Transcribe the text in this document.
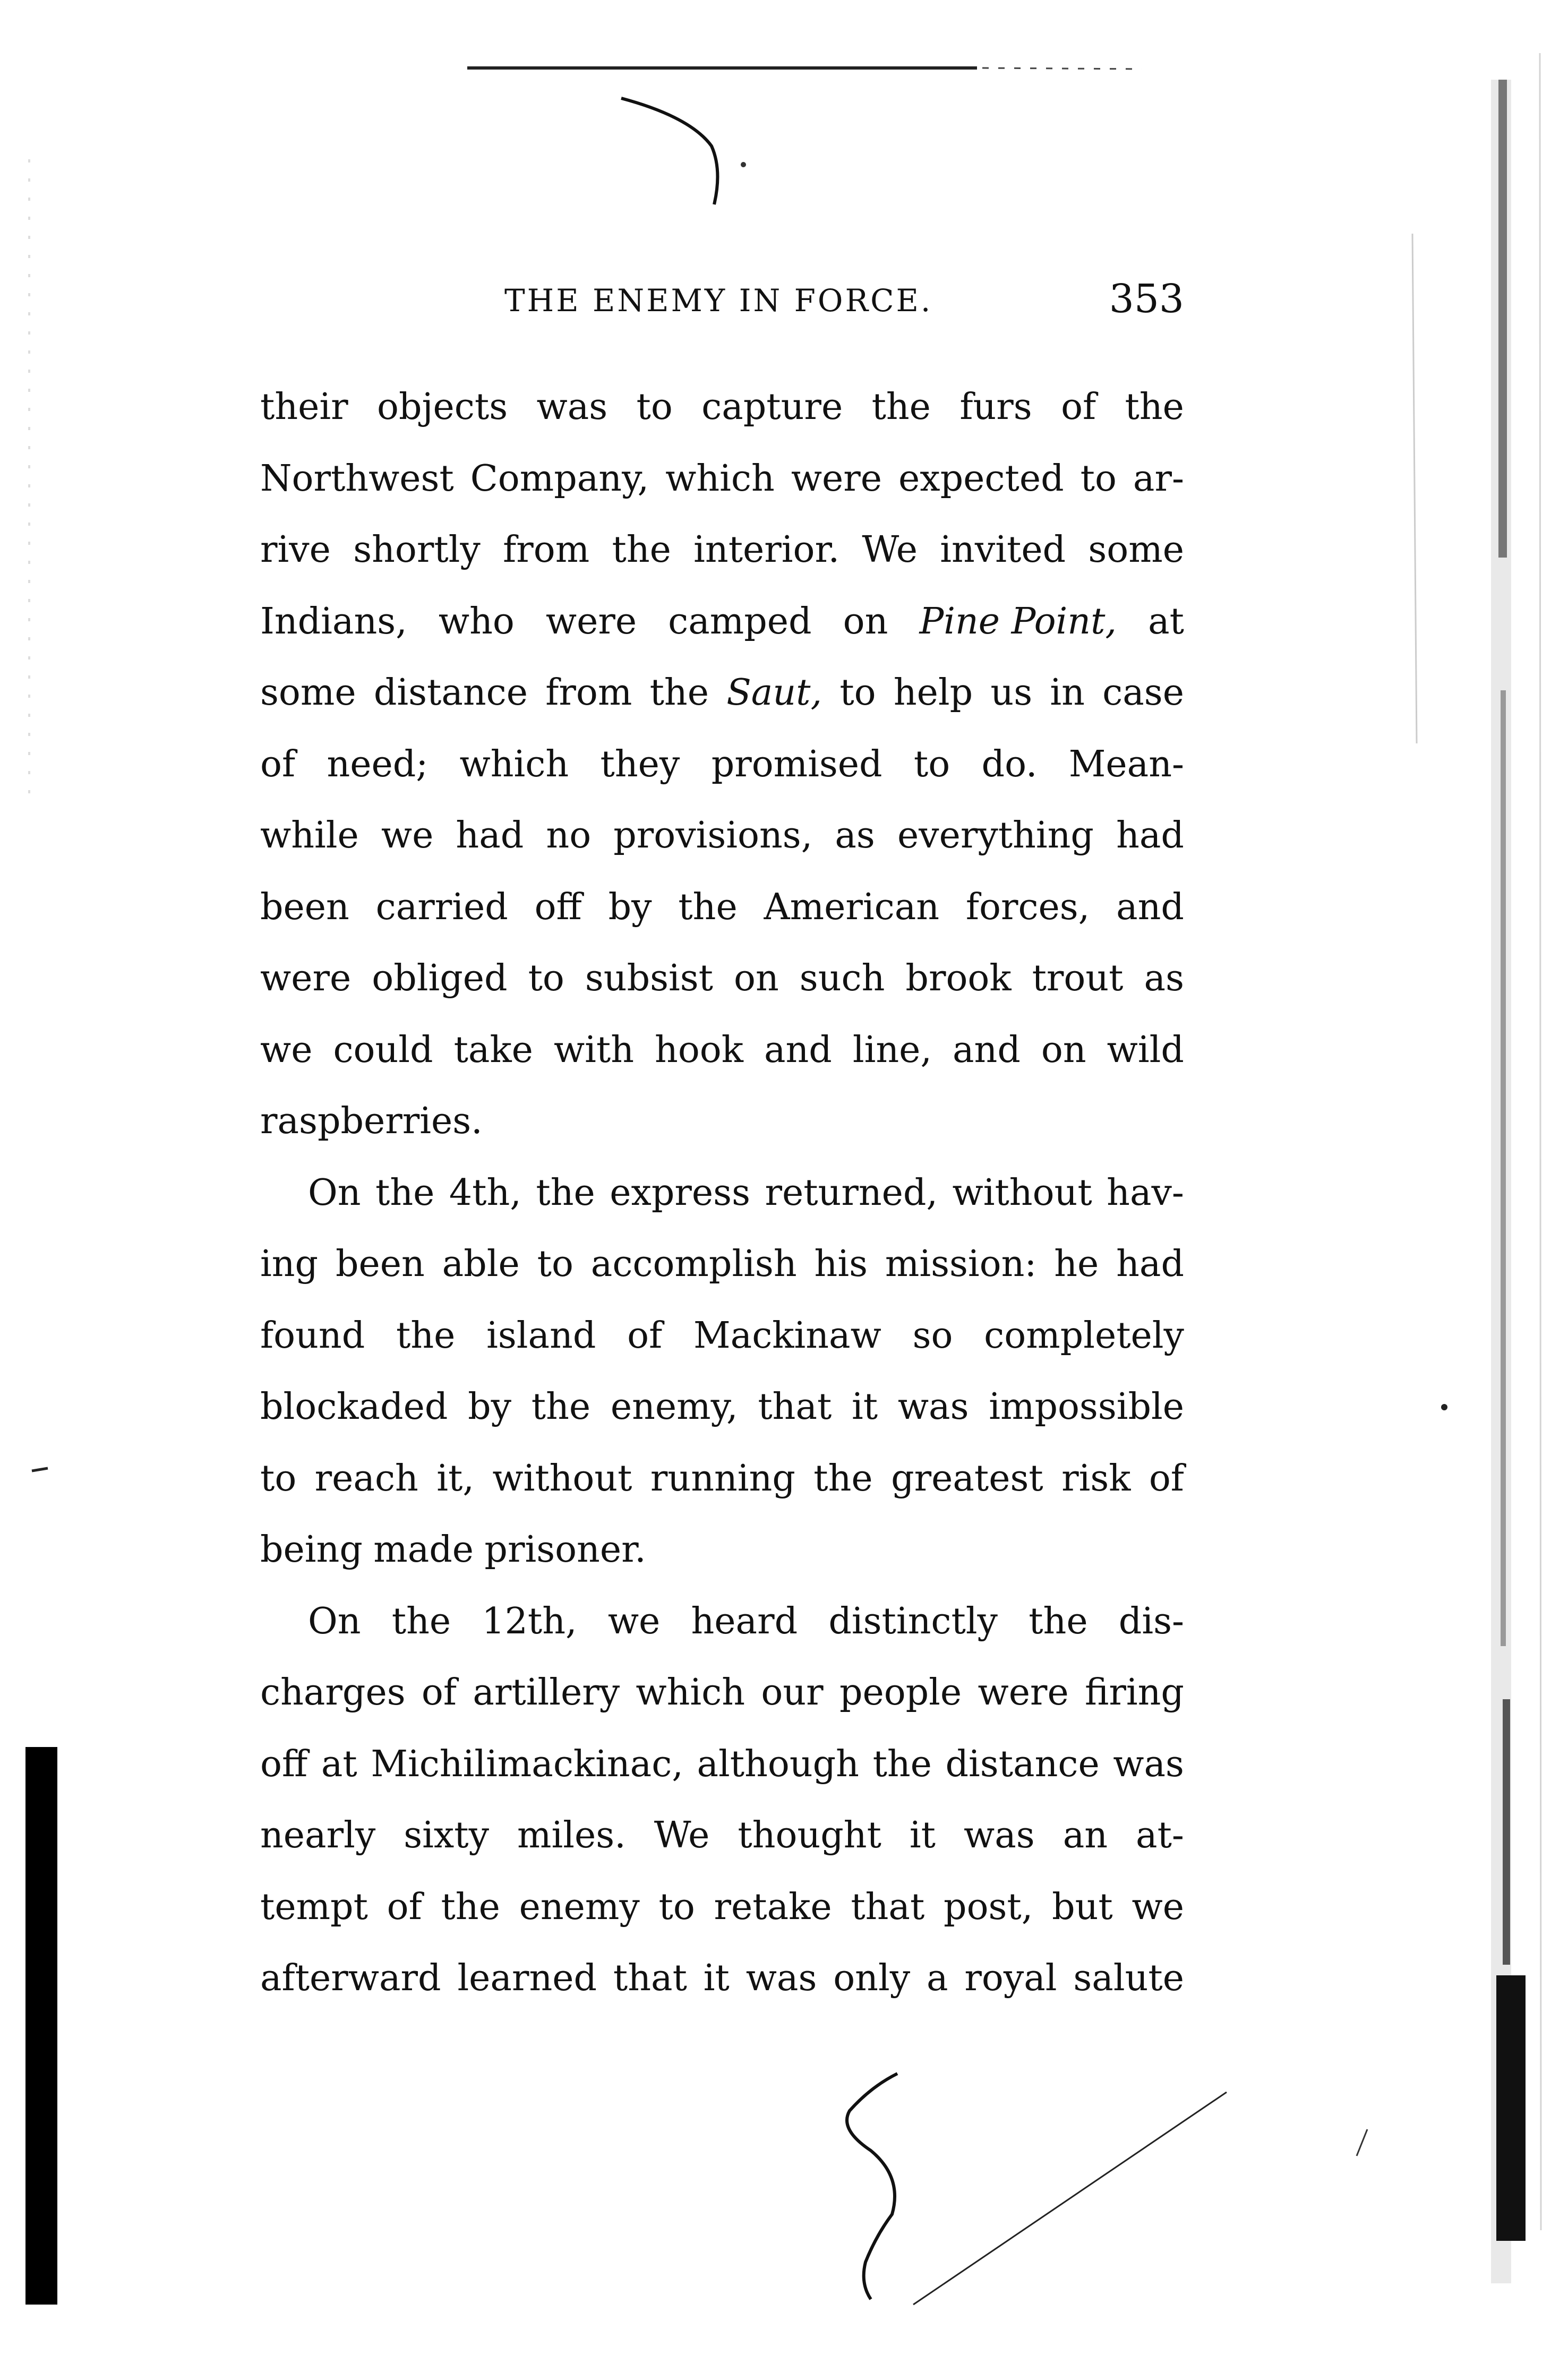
THE ENEMY IN FORCE.	353
their objects was to capture the furs of the
Northwest Company, which were expected to ar-
rive shortly from the interior. We invited some
Indians, who were camped on Pine Point, at
some distance from the Saut, to help us in case
of need; which they promised to do. Mean-
while we had no provisions, as everything had
been carried off by the American forces, and
were obliged to subsist on such brook trout as
we could take with hook and line, and on wild
raspberries.
On the 4th, the express returned, without hav-
ing been able to accomplish his mission: he had
found the island of Mackinaw so completely
blockaded by the enemy, that it was impossible
to reach it, without running the greatest risk of
being made prisoner.
On the 12th, we heard distinctly the dis-
charges of artillery which our people were firing
off at Michilimackinac, although the distance was
nearly sixty miles. We thought it was an at-
tempt of the enemy to retake that post, but we
afterward learned that it was only a royal salute
